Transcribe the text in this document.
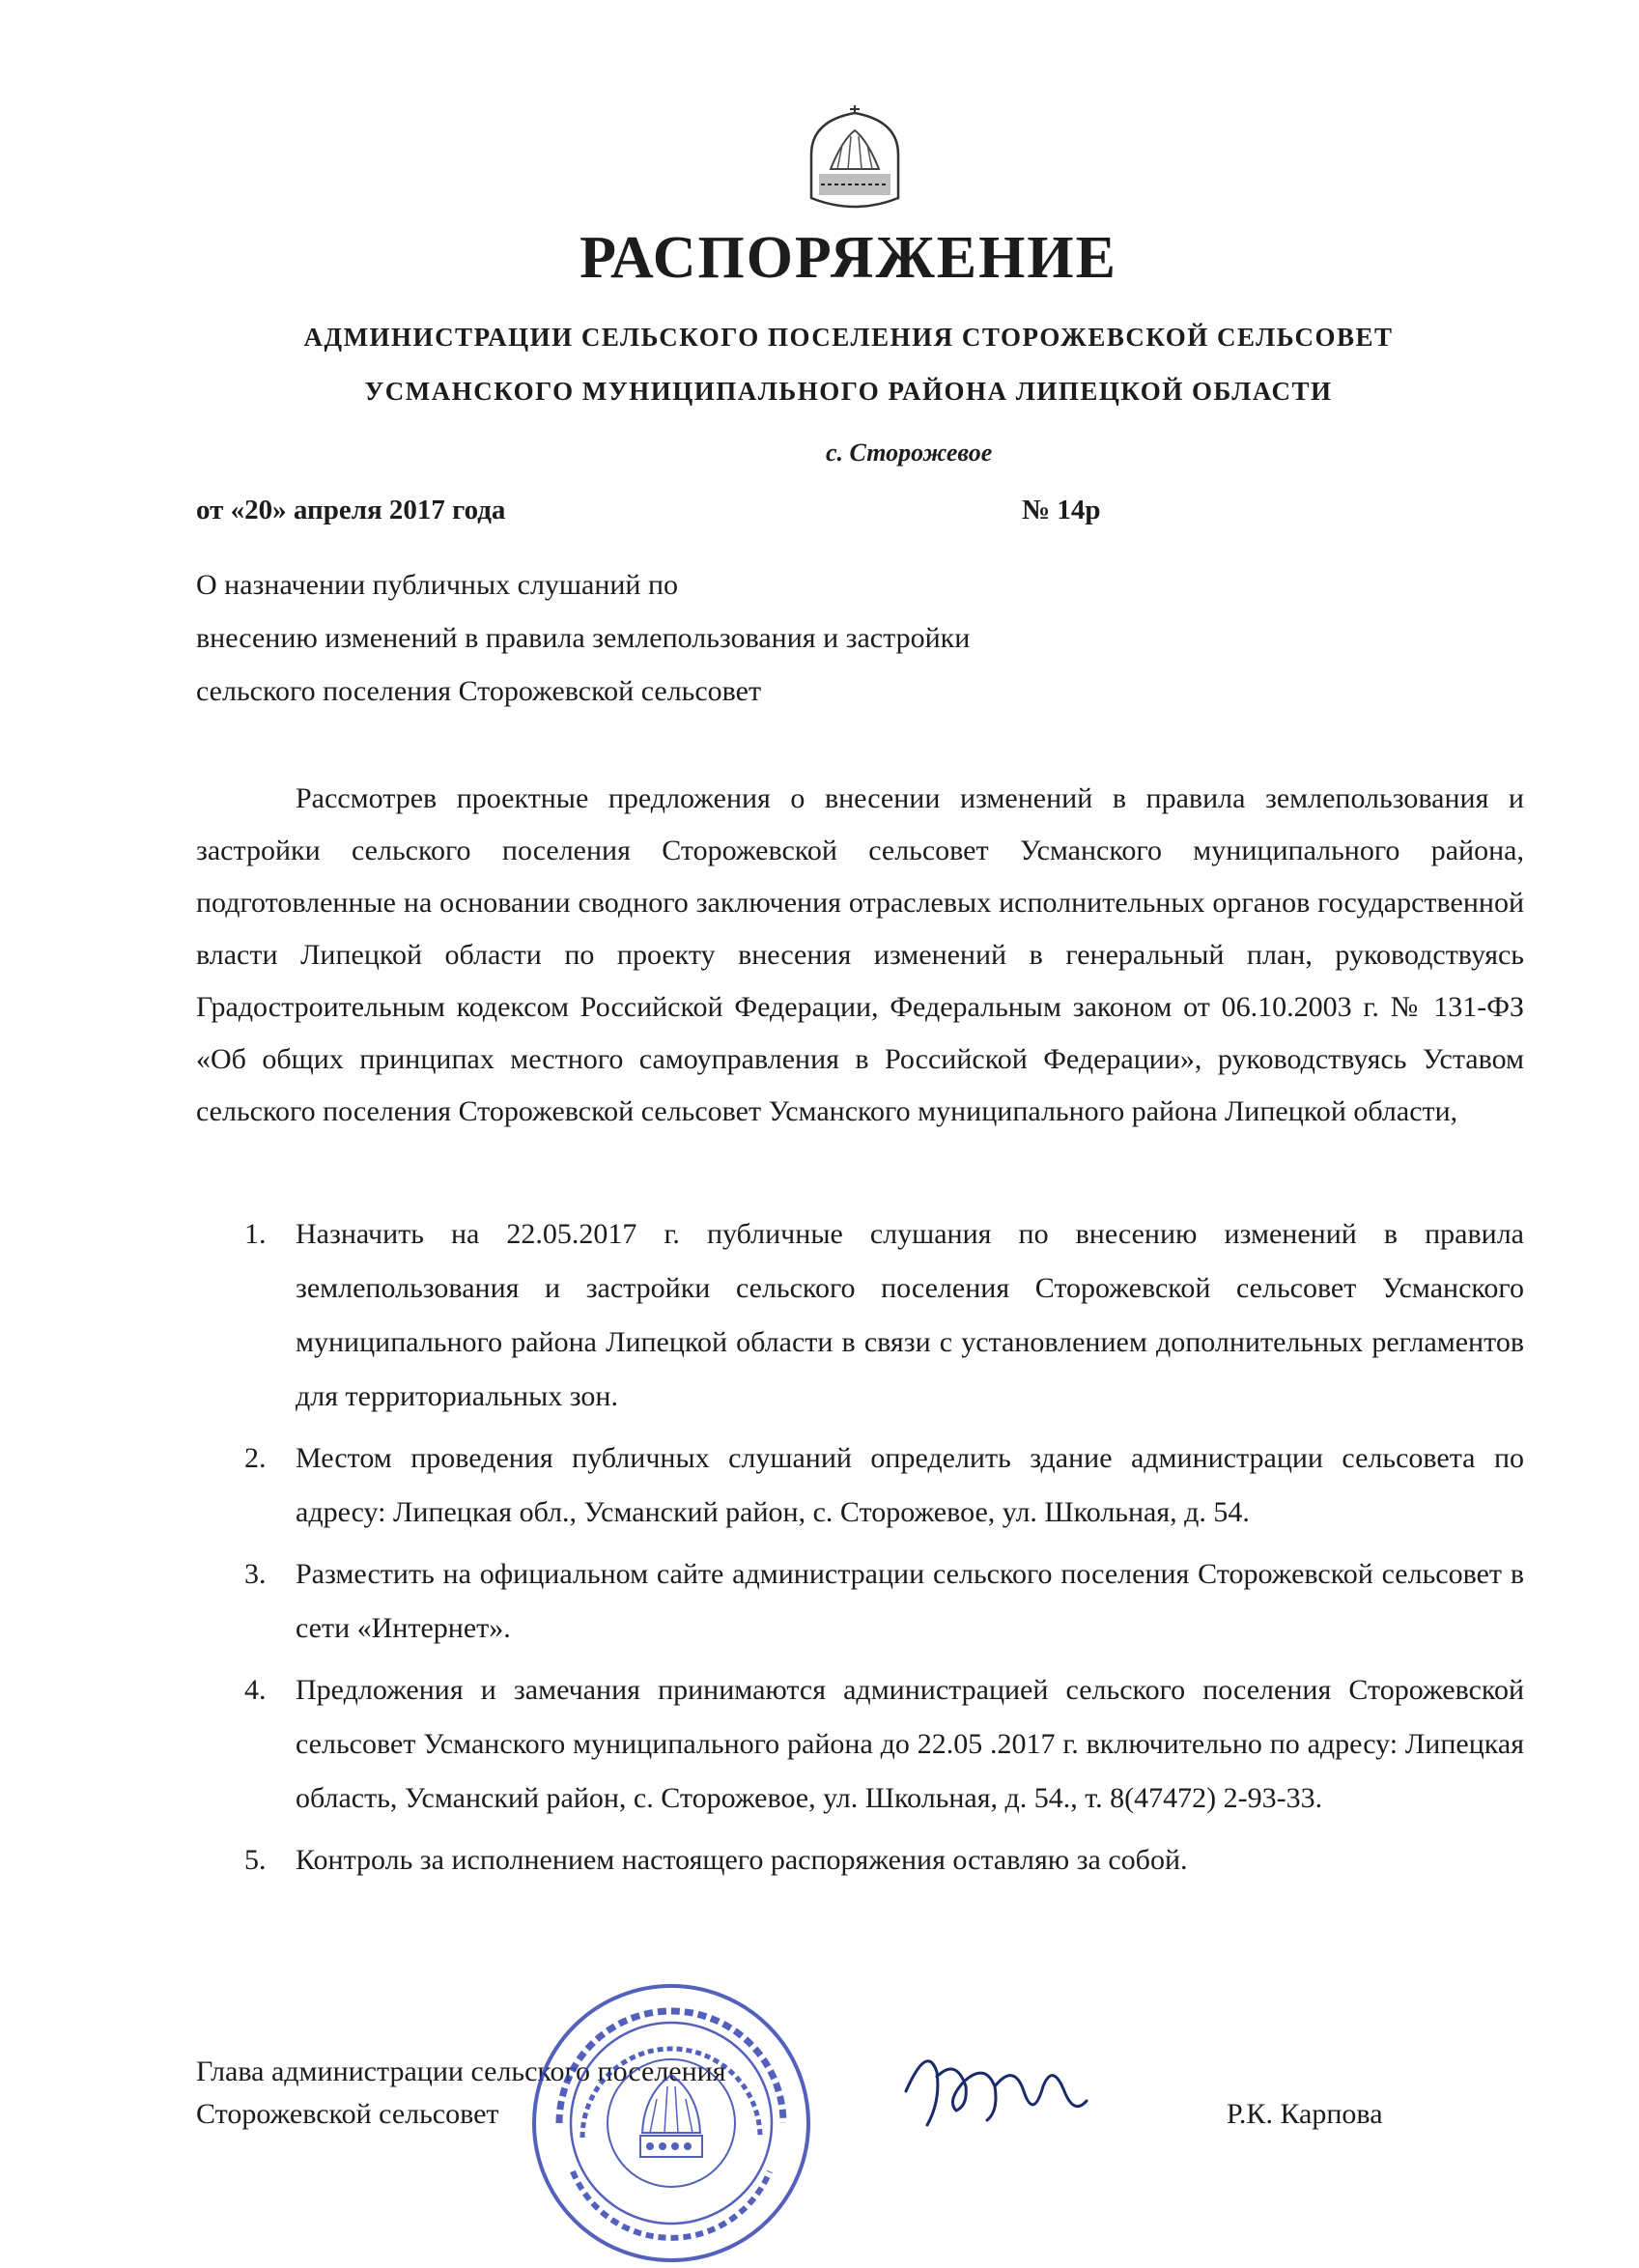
РАСПОРЯЖЕНИЕ
АДМИНИСТРАЦИИ СЕЛЬСКОГО ПОСЕЛЕНИЯ СТОРОЖЕВСКОЙ СЕЛЬСОВЕТ
УСМАНСКОГО МУНИЦИПАЛЬНОГО РАЙОНА ЛИПЕЦКОЙ ОБЛАСТИ
с. Сторожевое
от «20» апреля 2017 года	№ 14р
О назначении публичных слушаний по
внесению изменений в правила землепользования и застройки
сельского поселения Сторожевской сельсовет
Рассмотрев проектные предложения о внесении изменений в правила землепользования и застройки сельского поселения Сторожевской сельсовет Усманского муниципального района, подготовленные на основании сводного заключения отраслевых исполнительных органов государственной власти Липецкой области по проекту внесения изменений в генеральный план, руководствуясь Градостроительным кодексом Российской Федерации, Федеральным законом от 06.10.2003 г. № 131-ФЗ «Об общих принципах местного самоуправления в Российской Федерации», руководствуясь Уставом сельского поселения Сторожевской сельсовет Усманского муниципального района Липецкой области,
1. Назначить на 22.05.2017 г. публичные слушания по внесению изменений в правила землепользования и застройки сельского поселения Сторожевской сельсовет Усманского муниципального района Липецкой области в связи с установлением дополнительных регламентов для территориальных зон.
2. Местом проведения публичных слушаний определить здание администрации сельсовета по адресу: Липецкая обл., Усманский район, с. Сторожевое, ул. Школьная, д. 54.
3. Разместить на официальном сайте администрации сельского поселения Сторожевской сельсовет в сети «Интернет».
4. Предложения и замечания принимаются администрацией сельского поселения Сторожевской сельсовет Усманского муниципального района до 22.05 .2017 г. включительно по адресу: Липецкая область, Усманский район, с. Сторожевое, ул. Школьная, д. 54., т. 8(47472) 2-93-33.
5. Контроль за исполнением настоящего распоряжения оставляю за собой.
Глава администрации сельского поселения
Сторожевской сельсовет	Р.К. Карпова
